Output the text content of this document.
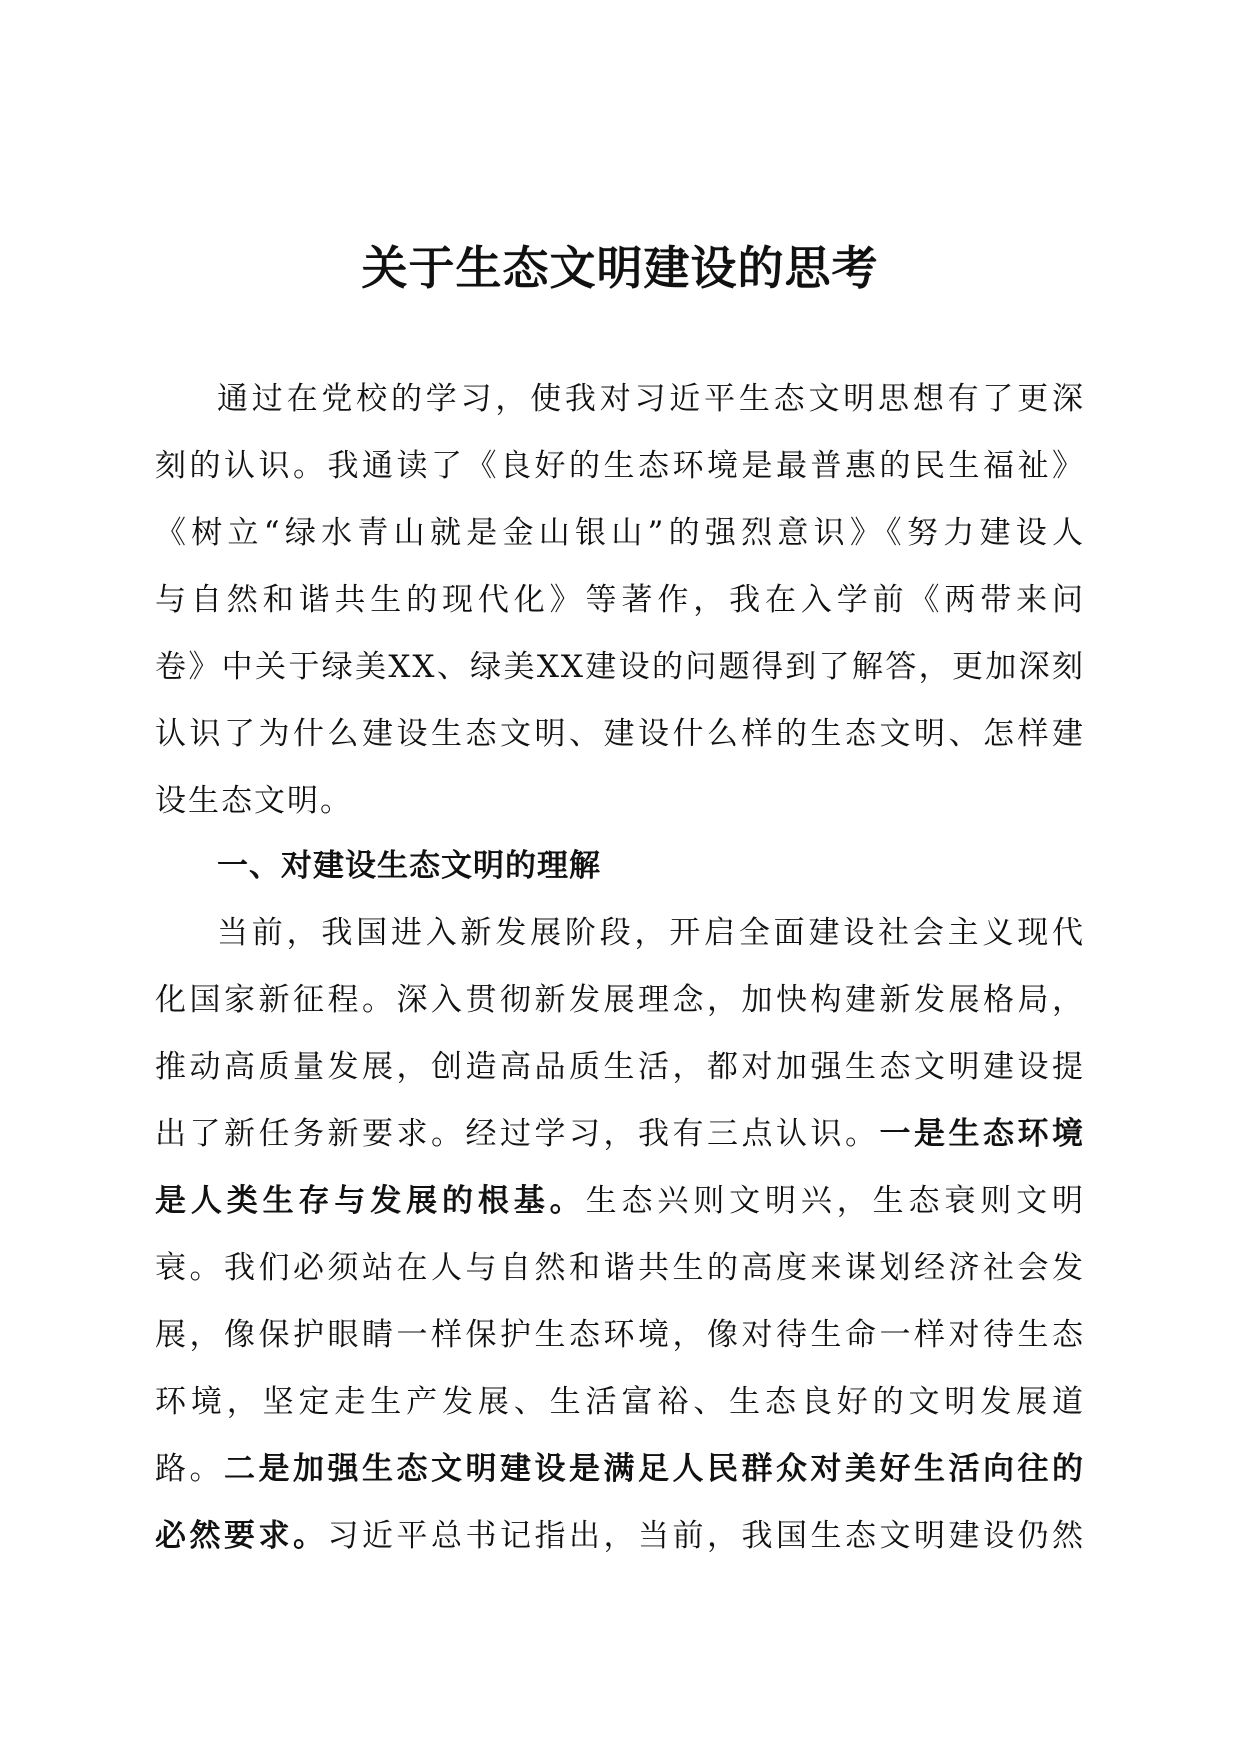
关于生态文明建设的思考
通过在党校的学习，使我对习近平生态文明思想有了更深
刻的认识。我通读了《良好的生态环境是最普惠的民生福祉》
《树立“绿水青山就是金山银山”的强烈意识》《努力建设人
与自然和谐共生的现代化》等著作，我在入学前《两带来问
卷》中关于绿美XX、绿美XX建设的问题得到了解答，更加深刻
认识了为什么建设生态文明、建设什么样的生态文明、怎样建
设生态文明。
一、对建设生态文明的理解
当前，我国进入新发展阶段，开启全面建设社会主义现代
化国家新征程。深入贯彻新发展理念，加快构建新发展格局，
推动高质量发展，创造高品质生活，都对加强生态文明建设提
出了新任务新要求。经过学习，我有三点认识。一是生态环境
是人类生存与发展的根基。生态兴则文明兴，生态衰则文明
衰。我们必须站在人与自然和谐共生的高度来谋划经济社会发
展，像保护眼睛一样保护生态环境，像对待生命一样对待生态
环境，坚定走生产发展、生活富裕、生态良好的文明发展道
路。二是加强生态文明建设是满足人民群众对美好生活向往的
必然要求。习近平总书记指出，当前，我国生态文明建设仍然
